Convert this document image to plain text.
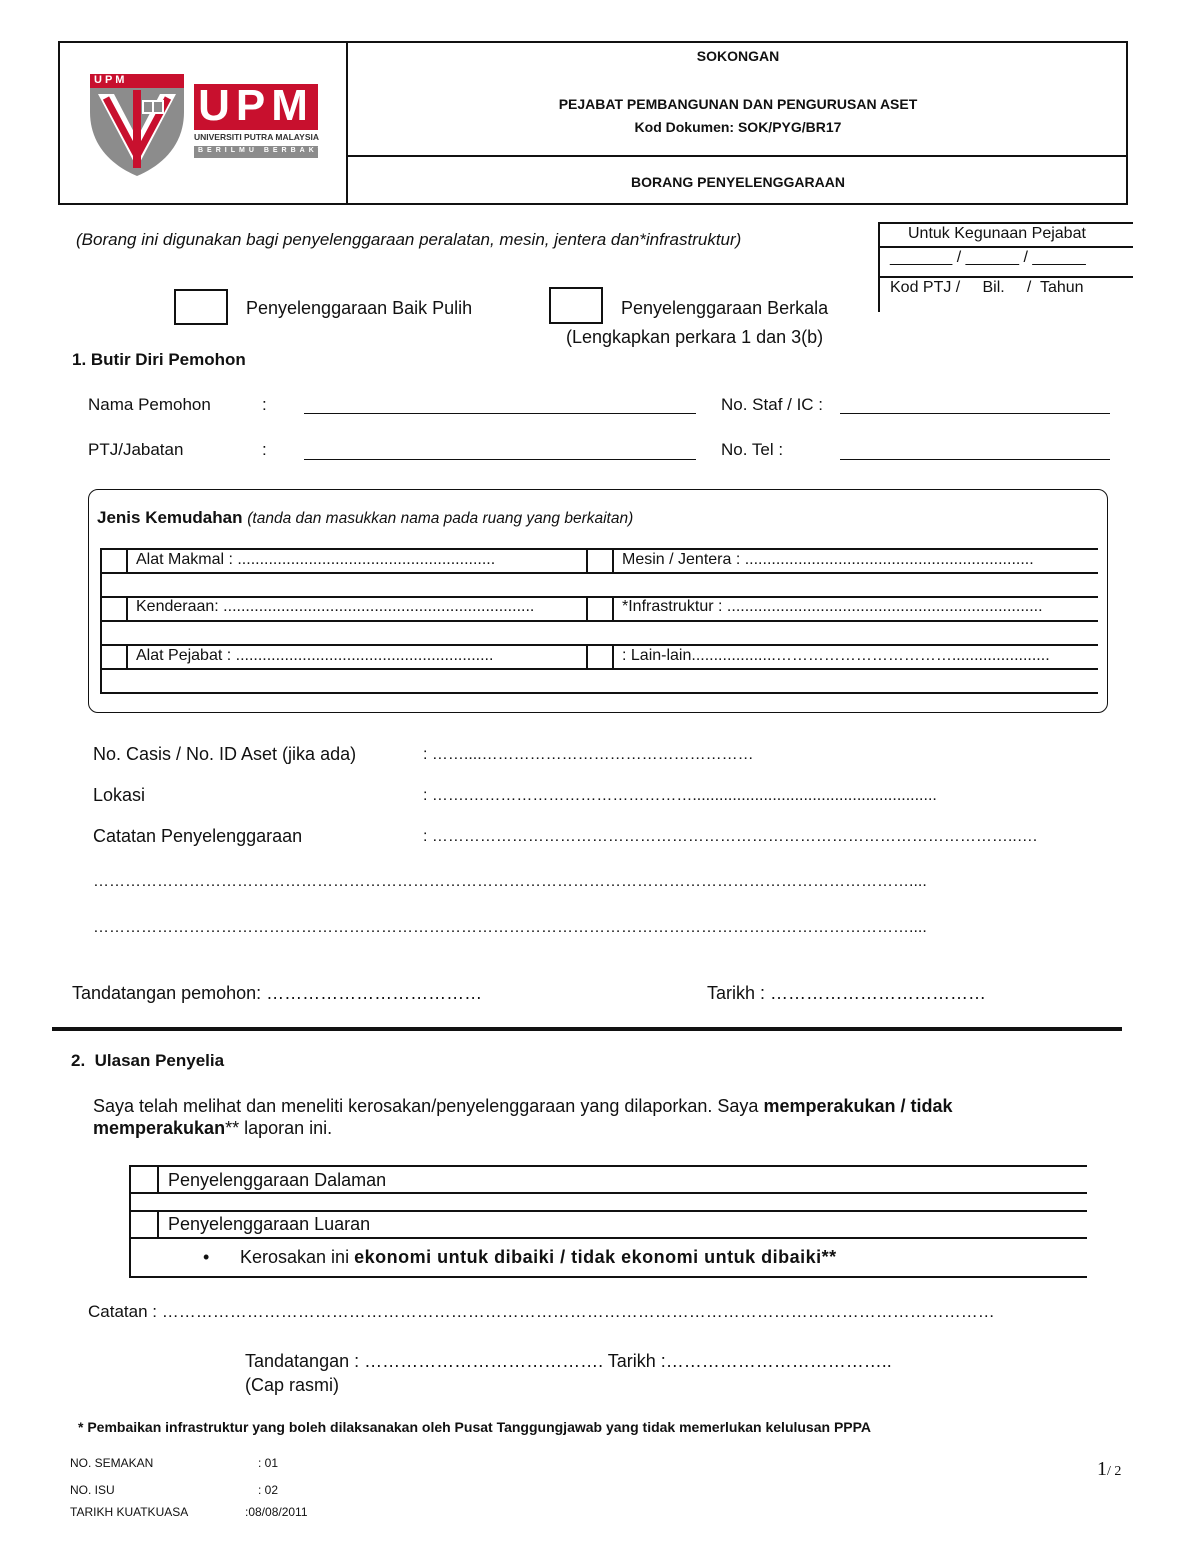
UPM
UPM
UNIVERSITI PUTRA MALAYSIA
BERILMU BERBAKTI
SOKONGAN
PEJABAT PEMBANGUNAN DAN PENGURUSAN ASET
Kod Dokumen: SOK/PYG/BR17
BORANG PENYELENGGARAAN
(Borang ini digunakan bagi penyelenggaraan peralatan, mesin, jentera dan*infrastruktur)	Untuk Kegunaan Pejabat
_______ / ______ / ______
Kod PTJ /     Bil.     /  Tahun
Penyelenggaraan Baik Pulih	Penyelenggaraan Berkala
(Lengkapkan perkara 1 dan 3(b)
1. Butir Diri Pemohon
Nama Pemohon	:	No. Staf / IC :
PTJ/Jabatan	:	No. Tel :
Jenis Kemudahan (tanda dan masukkan nama pada ruang yang berkaitan)
Alat Makmal : ..........................................................	Mesin / Jentera : .................................................................
Kenderaan: ......................................................................	*Infrastruktur : .......................................................................
Alat Pejabat : ..........................................................	: Lain-lain...................……………………………......................
No. Casis / No. ID Aset (jika ada)	: ……....……………………………………………
Lokasi	: …….…………………………………….......................................................
Catatan Penyelenggaraan	: ………………………………………………………………………………………………..….
………………………………………………………………………………………………………………………………………....
………………………………………………………………………………………………………………………………………....
Tandatangan pemohon: ………………………………	Tarikh : ………………………………
2.  Ulasan Penyelia
Saya telah melihat dan meneliti kerosakan/penyelenggaraan yang dilaporkan. Saya memperakukan / tidak
memperakukan** laporan ini.
Penyelenggaraan Dalaman
Penyelenggaraan Luaran
• Kerosakan ini ekonomi untuk dibaiki / tidak ekonomi untuk dibaiki**
Catatan : …………………………………………………………………………………………………………………………………
Tandatangan : …………………………………. Tarikh :………………………………..
(Cap rasmi)
* Pembaikan infrastruktur yang boleh dilaksanakan oleh Pusat Tanggungjawab yang tidak memerlukan kelulusan PPPA
NO. SEMAKAN	: 01
NO. ISU	: 02
TARIKH KUATKUASA	:08/08/2011
1/ 2
